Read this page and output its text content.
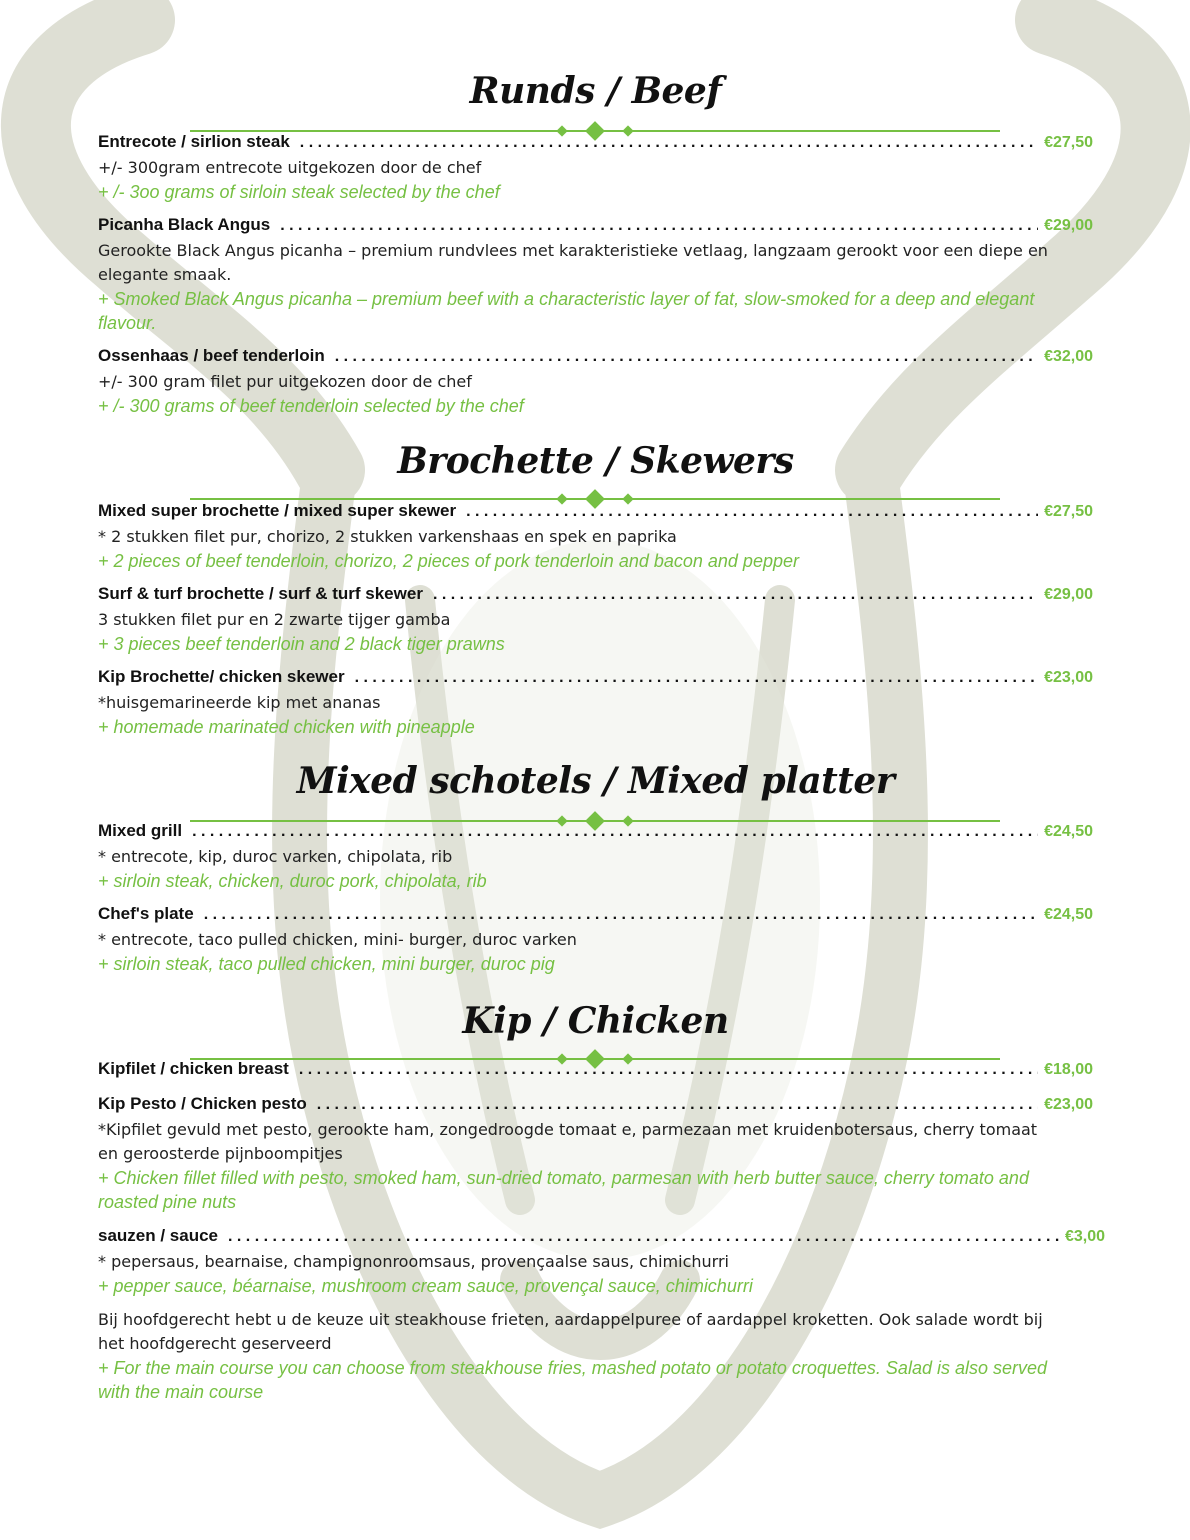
Runds / Beef
Entrecote / sirlion steak . . .	€27,50
+/- 300gram entrecote uitgekozen door de chef
+ /- 3oo grams of sirloin steak selected by the chef
Picanha Black Angus . . .	€29,00
Gerookte Black Angus picanha – premium rundvlees met karakteristieke vetlaag, langzaam gerookt voor een diepe en elegante smaak.
+ Smoked Black Angus picanha – premium beef with a characteristic layer of fat, slow-smoked for a deep and elegant flavour.
Ossenhaas / beef tenderloin . . .	€32,00
+/- 300 gram filet pur uitgekozen door de chef
+ /- 300 grams of beef tenderloin selected by the chef
Brochette / Skewers
Mixed super brochette / mixed super skewer . . .	€27,50
* 2 stukken filet pur, chorizo, 2 stukken varkenshaas en spek en paprika
+ 2 pieces of beef tenderloin, chorizo, 2 pieces of pork tenderloin and bacon and pepper
Surf & turf brochette / surf & turf skewer . . .	€29,00
3 stukken filet pur en 2 zwarte tijger gamba
+ 3 pieces beef tenderloin and 2 black tiger prawns
Kip Brochette/ chicken skewer . . .	€23,00
*huisgemarineerde kip met ananas
+ homemade marinated chicken with pineapple
Mixed schotels / Mixed platter
Mixed grill . . .	€24,50
* entrecote, kip, duroc varken, chipolata, rib
+ sirloin steak, chicken, duroc pork, chipolata, rib
Chef's plate . . .	€24,50
* entrecote, taco pulled chicken, mini- burger, duroc varken
+ sirloin steak, taco pulled chicken, mini burger, duroc pig
Kip / Chicken
Kipfilet / chicken breast . . .	€18,00
Kip Pesto / Chicken pesto . . .	€23,00
*Kipfilet gevuld met pesto, gerookte ham, zongedroogde tomaat e, parmezaan met kruidenbotersaus, cherry tomaat en geroosterde pijnboompitjes
+ Chicken fillet filled with pesto, smoked ham, sun-dried tomato, parmesan with herb butter sauce, cherry tomato and roasted pine nuts
sauzen / sauce . . .	€3,00
* pepersaus, bearnaise, champignonroomsaus, provençaalse saus, chimichurri
+ pepper sauce, béarnaise, mushroom cream sauce, provençal sauce, chimichurri
Bij hoofdgerecht hebt u de keuze uit steakhouse frieten, aardappelpuree of aardappel kroketten. Ook salade wordt bij het hoofdgerecht geserveerd
+ For the main course you can choose from steakhouse fries, mashed potato or potato croquettes. Salad is also served with the main course
